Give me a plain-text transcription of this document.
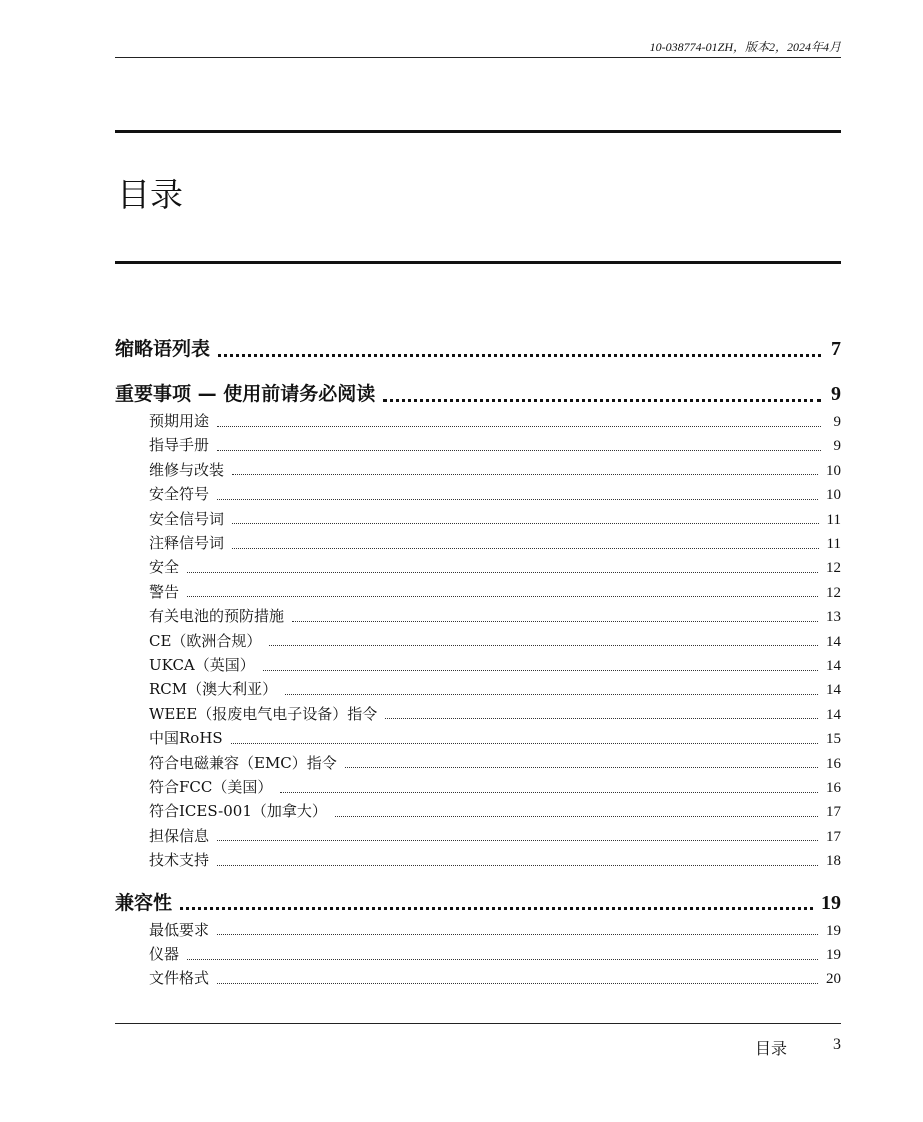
10-038774-01ZH，版本2，2024年4月
目录
缩略语列表	7
重要事项 — 使用前请务必阅读	9
预期用途	9
指导手册	9
维修与改装	10
安全符号	10
安全信号词	11
注释信号词	11
安全	12
警告	12
有关电池的预防措施	13
CE（欧洲合规）	14
UKCA（英国）	14
RCM（澳大利亚）	14
WEEE（报废电气电子设备）指令	14
中国RoHS	15
符合电磁兼容（EMC）指令	16
符合FCC（美国）	16
符合ICES-001（加拿大）	17
担保信息	17
技术支持	18
兼容性	19
最低要求	19
仪器	19
文件格式	20
目录	3
